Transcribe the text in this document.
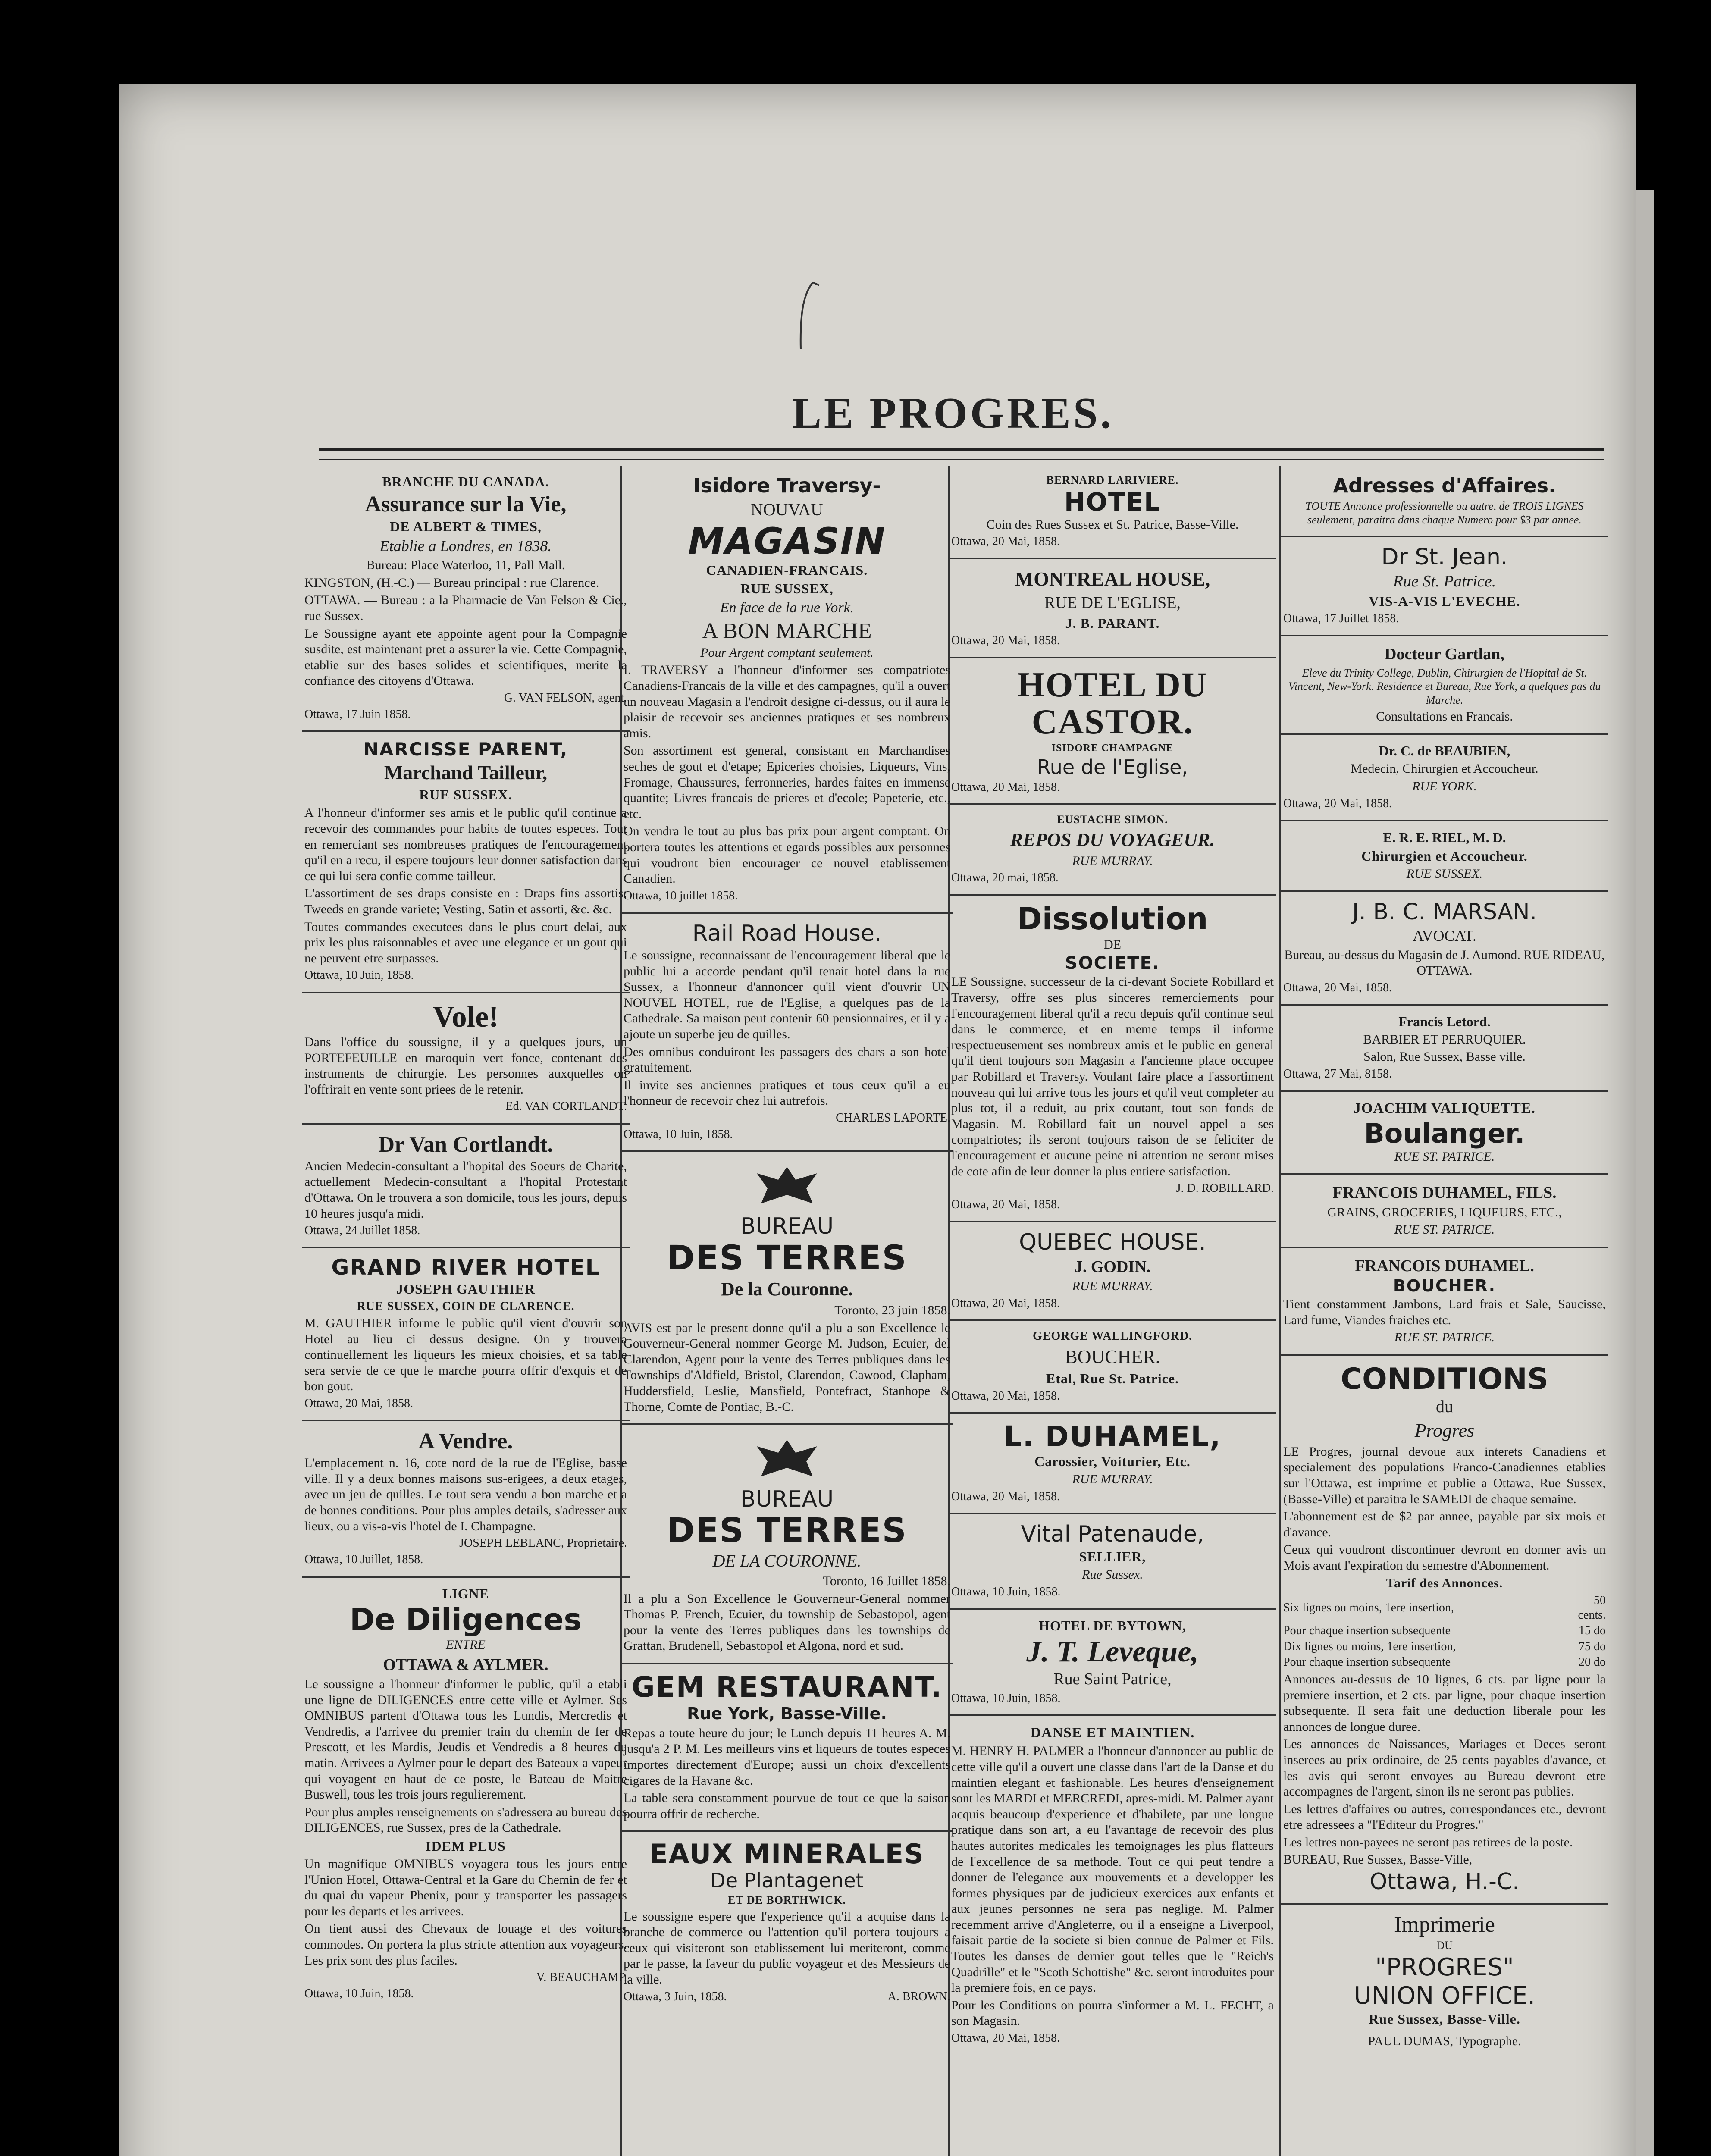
LE PROGRES.

BRANCHE DU CANADA.

Assurance sur la Vie,

DE ALBERT & TIMES,

Etablie a Londres, en 1838.

Bureau: Place Waterloo, 11, Pall Mall.

KINGSTON, (H.-C.) — Bureau principal : rue Clarence.

OTTAWA. — Bureau : a la Pharmacie de Van Felson & Cie., rue Sussex.

Le Soussigne ayant ete appointe agent pour la Compagnie susdite, est maintenant pret a assurer la vie. Cette Compagnie, etablie sur des bases solides et scientifiques, merite la confiance des citoyens d'Ottawa.

G. VAN FELSON, agent.

Ottawa, 17 Juin 1858.

NARCISSE PARENT,

Marchand Tailleur,

RUE SUSSEX.

A l'honneur d'informer ses amis et le public qu'il continue a recevoir des commandes pour habits de toutes especes. Tout en remerciant ses nombreuses pratiques de l'encouragement qu'il en a recu, il espere toujours leur donner satisfaction dans ce qui lui sera confie comme tailleur.

L'assortiment de ses draps consiste en : Draps fins assortis; Tweeds en grande variete; Vesting, Satin et assorti, &c. &c.

Toutes commandes executees dans le plus court delai, aux prix les plus raisonnables et avec une elegance et un gout qui ne peuvent etre surpasses.

Ottawa, 10 Juin, 1858.

Vole!

Dans l'office du soussigne, il y a quelques jours, un PORTEFEUILLE en maroquin vert fonce, contenant des instruments de chirurgie. Les personnes auxquelles on l'offrirait en vente sont priees de le retenir.

Ed. VAN CORTLANDT.

Dr Van Cortlandt.

Ancien Medecin-consultant a l'hopital des Soeurs de Charite, actuellement Medecin-consultant a l'hopital Protestant d'Ottawa. On le trouvera a son domicile, tous les jours, depuis 10 heures jusqu'a midi.

Ottawa, 24 Juillet 1858.

GRAND RIVER HOTEL

JOSEPH GAUTHIER

RUE SUSSEX, COIN DE CLARENCE.

M. GAUTHIER informe le public qu'il vient d'ouvrir son Hotel au lieu ci dessus designe. On y trouvera continuellement les liqueurs les mieux choisies, et sa table sera servie de ce que le marche pourra offrir d'exquis et de bon gout.

Ottawa, 20 Mai, 1858.

A Vendre.

L'emplacement n. 16, cote nord de la rue de l'Eglise, basse ville. Il y a deux bonnes maisons sus-erigees, a deux etages, avec un jeu de quilles. Le tout sera vendu a bon marche et a de bonnes conditions. Pour plus amples details, s'adresser aux lieux, ou a vis-a-vis l'hotel de I. Champagne.

JOSEPH LEBLANC, Proprietaire.

Ottawa, 10 Juillet, 1858.

LIGNE

De Diligences

ENTRE

OTTAWA & AYLMER.

Le soussigne a l'honneur d'informer le public, qu'il a etabli une ligne de DILIGENCES entre cette ville et Aylmer. Ses OMNIBUS partent d'Ottawa tous les Lundis, Mercredis et Vendredis, a l'arrivee du premier train du chemin de fer de Prescott, et les Mardis, Jeudis et Vendredis a 8 heures du matin. Arrivees a Aylmer pour le depart des Bateaux a vapeur qui voyagent en haut de ce poste, le Bateau de Maitre Buswell, tous les trois jours regulierement.

Pour plus amples renseignements on s'adressera au bureau des DILIGENCES, rue Sussex, pres de la Cathedrale.

IDEM PLUS

Un magnifique OMNIBUS voyagera tous les jours entre l'Union Hotel, Ottawa-Central et la Gare du Chemin de fer et du quai du vapeur Phenix, pour y transporter les passagers pour les departs et les arrivees.

On tient aussi des Chevaux de louage et des voitures commodes. On portera la plus stricte attention aux voyageurs. Les prix sont des plus faciles.

V. BEAUCHAMP.

Ottawa, 10 Juin, 1858.

Isidore Traversy-

NOUVAU

MAGASIN

CANADIEN-FRANCAIS.

RUE SUSSEX,

En face de la rue York.

A BON MARCHE

Pour Argent comptant seulement.

I. TRAVERSY a l'honneur d'informer ses compatriotes Canadiens-Francais de la ville et des campagnes, qu'il a ouvert un nouveau Magasin a l'endroit designe ci-dessus, ou il aura le plaisir de recevoir ses anciennes pratiques et ses nombreux amis.

Son assortiment est general, consistant en Marchandises seches de gout et d'etape; Epiceries choisies, Liqueurs, Vins, Fromage, Chaussures, ferronneries, hardes faites en immense quantite; Livres francais de prieres et d'ecole; Papeterie, etc., etc.

On vendra le tout au plus bas prix pour argent comptant. On portera toutes les attentions et egards possibles aux personnes qui voudront bien encourager ce nouvel etablissement Canadien.

Ottawa, 10 juillet 1858.

Rail Road House.

Le soussigne, reconnaissant de l'encouragement liberal que le public lui a accorde pendant qu'il tenait hotel dans la rue Sussex, a l'honneur d'annoncer qu'il vient d'ouvrir UN NOUVEL HOTEL, rue de l'Eglise, a quelques pas de la Cathedrale. Sa maison peut contenir 60 pensionnaires, et il y a ajoute un superbe jeu de quilles.

Des omnibus conduiront les passagers des chars a son hotel gratuitement.

Il invite ses anciennes pratiques et tous ceux qu'il a eu l'honneur de recevoir chez lui autrefois.

CHARLES LAPORTE.

Ottawa, 10 Juin, 1858.

BUREAU

DES TERRES

De la Couronne.

Toronto, 23 juin 1858.

AVIS est par le present donne qu'il a plu a son Excellence le Gouverneur-General nommer George M. Judson, Ecuier, del Clarendon, Agent pour la vente des Terres publiques dans les Townships d'Aldfield, Bristol, Clarendon, Cawood, Clapham, Huddersfield, Leslie, Mansfield, Pontefract, Stanhope & Thorne, Comte de Pontiac, B.-C.

BUREAU

DES TERRES

DE LA COURONNE.

Toronto, 16 Juillet 1858.

Il a plu a Son Excellence le Gouverneur-General nommer Thomas P. French, Ecuier, du township de Sebastopol, agent pour la vente des Terres publiques dans les townships de Grattan, Brudenell, Sebastopol et Algona, nord et sud.

GEM RESTAURANT.

Rue York, Basse-Ville.

Repas a toute heure du jour; le Lunch depuis 11 heures A. M. jusqu'a 2 P. M. Les meilleurs vins et liqueurs de toutes especes importes directement d'Europe; aussi un choix d'excellents cigares de la Havane &c.

La table sera constamment pourvue de tout ce que la saison pourra offrir de recherche.

EAUX MINERALES

De Plantagenet

ET DE BORTHWICK.

Le soussigne espere que l'experience qu'il a acquise dans la branche de commerce ou l'attention qu'il portera toujours a ceux qui visiteront son etablissement lui meriteront, comme par le passe, la faveur du public voyageur et des Messieurs de la ville.

Ottawa, 3 Juin, 1858.	A. BROWN.

BERNARD LARIVIERE.

HOTEL

Coin des Rues Sussex et St. Patrice, Basse-Ville.

Ottawa, 20 Mai, 1858.

MONTREAL HOUSE,

RUE DE L'EGLISE,

J. B. PARANT.

Ottawa, 20 Mai, 1858.

HOTEL DU CASTOR.

ISIDORE CHAMPAGNE

Rue de l'Eglise,

Ottawa, 20 Mai, 1858.

EUSTACHE SIMON.

REPOS DU VOYAGEUR.

RUE MURRAY.

Ottawa, 20 mai, 1858.

Dissolution

DE

SOCIETE.

LE Soussigne, successeur de la ci-devant Societe Robillard et Traversy, offre ses plus sinceres remerciements pour l'encouragement liberal qu'il a recu depuis qu'il continue seul dans le commerce, et en meme temps il informe respectueusement ses nombreux amis et le public en general qu'il tient toujours son Magasin a l'ancienne place occupee par Robillard et Traversy. Voulant faire place a l'assortiment nouveau qui lui arrive tous les jours et qu'il veut completer au plus tot, il a reduit, au prix coutant, tout son fonds de Magasin. M. Robillard fait un nouvel appel a ses compatriotes; ils seront toujours raison de se feliciter de l'encouragement et aucune peine ni attention ne seront mises de cote afin de leur donner la plus entiere satisfaction.

J. D. ROBILLARD.

Ottawa, 20 Mai, 1858.

QUEBEC HOUSE.

J. GODIN.

RUE MURRAY.

Ottawa, 20 Mai, 1858.

GEORGE WALLINGFORD.

BOUCHER.

Etal, Rue St. Patrice.

Ottawa, 20 Mai, 1858.

L. DUHAMEL,

Carossier, Voiturier, Etc.

RUE MURRAY.

Ottawa, 20 Mai, 1858.

Vital Patenaude,

SELLIER,

Rue Sussex.

Ottawa, 10 Juin, 1858.

HOTEL DE BYTOWN,

J. T. Leveque,

Rue Saint Patrice,

Ottawa, 10 Juin, 1858.

DANSE ET MAINTIEN.

M. HENRY H. PALMER a l'honneur d'annoncer au public de cette ville qu'il a ouvert une classe dans l'art de la Danse et du maintien elegant et fashionable. Les heures d'enseignement sont les MARDI et MERCREDI, apres-midi. M. Palmer ayant acquis beaucoup d'experience et d'habilete, par une longue pratique dans son art, a eu l'avantage de recevoir des plus hautes autorites medicales les temoignages les plus flatteurs de l'excellence de sa methode. Tout ce qui peut tendre a donner de l'elegance aux mouvements et a developper les formes physiques par de judicieux exercices aux enfants et aux jeunes personnes ne sera pas neglige. M. Palmer recemment arrive d'Angleterre, ou il a enseigne a Liverpool, faisait partie de la societe si bien connue de Palmer et Fils. Toutes les danses de dernier gout telles que le "Reich's Quadrille" et le "Scoth Schottishe" &c. seront introduites pour la premiere fois, en ce pays.

Pour les Conditions on pourra s'informer a M. L. FECHT, a son Magasin.

Ottawa, 20 Mai, 1858.

Adresses d'Affaires.

TOUTE Annonce professionnelle ou autre, de TROIS LIGNES seulement, paraitra dans chaque Numero pour $3 par annee.

Dr St. Jean.

Rue St. Patrice.

VIS-A-VIS L'EVECHE.

Ottawa, 17 Juillet 1858.

Docteur Gartlan,

Eleve du Trinity College, Dublin, Chirurgien de l'Hopital de St. Vincent, New-York. Residence et Bureau, Rue York, a quelques pas du Marche.

Consultations en Francais.

Dr. C. de BEAUBIEN,

Medecin, Chirurgien et Accoucheur.

RUE YORK.

Ottawa, 20 Mai, 1858.

E. R. E. RIEL, M. D.

Chirurgien et Accoucheur.

RUE SUSSEX.

J. B. C. MARSAN.

AVOCAT.

Bureau, au-dessus du Magasin de J. Aumond. RUE RIDEAU, OTTAWA.

Ottawa, 20 Mai, 1858.

Francis Letord.

BARBIER ET PERRUQUIER.

Salon, Rue Sussex, Basse ville.

Ottawa, 27 Mai, 8158.

JOACHIM VALIQUETTE.

Boulanger.

RUE ST. PATRICE.

FRANCOIS DUHAMEL, FILS.

GRAINS, GROCERIES, LIQUEURS, ETC.,

RUE ST. PATRICE.

FRANCOIS DUHAMEL.

BOUCHER.

Tient constamment Jambons, Lard frais et Sale, Saucisse, Lard fume, Viandes fraiches etc.

RUE ST. PATRICE.

CONDITIONS

du

Progres

LE Progres, journal devoue aux interets Canadiens et specialement des populations Franco-Canadiennes etablies sur l'Ottawa, est imprime et publie a Ottawa, Rue Sussex, (Basse-Ville) et paraitra le SAMEDI de chaque semaine.

L'abonnement est de $2 par annee, payable par six mois et d'avance.

Ceux qui voudront discontinuer devront en donner avis un Mois avant l'expiration du semestre d'Abonnement.

Tarif des Annonces.

Six lignes ou moins, 1ere insertion,	50 cents.
Pour chaque insertion subsequente	15 do
Dix lignes ou moins, 1ere insertion,	75 do
Pour chaque insertion subsequente	20 do

Annonces au-dessus de 10 lignes, 6 cts. par ligne pour la premiere insertion, et 2 cts. par ligne, pour chaque insertion subsequente. Il sera fait une deduction liberale pour les annonces de longue duree.

Les annonces de Naissances, Mariages et Deces seront inserees au prix ordinaire, de 25 cents payables d'avance, et les avis qui seront envoyes au Bureau devront etre accompagnes de l'argent, sinon ils ne seront pas publies.

Les lettres d'affaires ou autres, correspondances etc., devront etre adressees a "l'Editeur du Progres."

Les lettres non-payees ne seront pas retirees de la poste.

BUREAU, Rue Sussex, Basse-Ville,

Ottawa, H.-C.

Imprimerie

DU

"PROGRES"

UNION OFFICE.

Rue Sussex, Basse-Ville.

PAUL DUMAS, Typographe.
